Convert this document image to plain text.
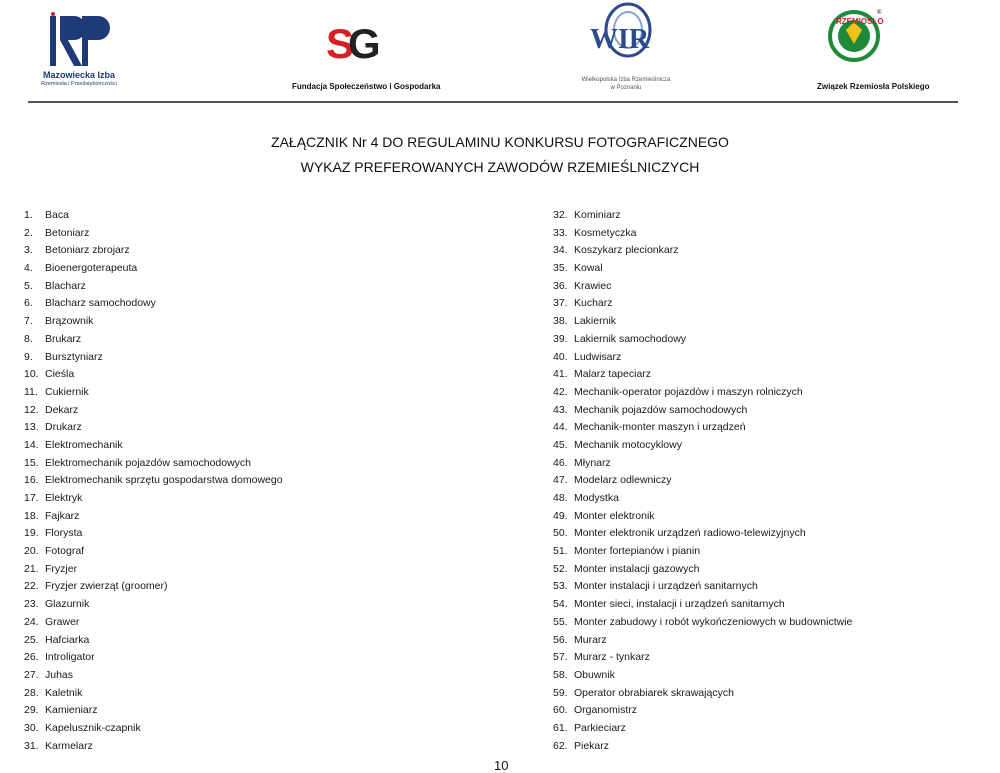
Mazowiecka Izba
Rzemiosła i Przedsiębiorczości
S
G
Fundacja Społeczeństwo i Gospodarka
WIR
Wielkopolska Izba Rzemieślnicza
w Poznaniu
RZEMIOSŁO
®
Związek Rzemiosła Polskiego
ZAŁĄCZNIK Nr 4 DO REGULAMINU KONKURSU FOTOGRAFICZNEGO
WYKAZ PREFEROWANYCH ZAWODÓW RZEMIEŚLNICZYCH
1. Baca
2. Betoniarz
3. Betoniarz zbrojarz
4. Bioenergoterapeuta
5. Blacharz
6. Blacharz samochodowy
7. Brązownik
8. Brukarz
9. Bursztyniarz
10. Cieśla
11. Cukiernik
12. Dekarz
13. Drukarz
14. Elektromechanik
15. Elektromechanik pojazdów samochodowych
16. Elektromechanik sprzętu gospodarstwa domowego
17. Elektryk
18. Fajkarz
19. Florysta
20. Fotograf
21. Fryzjer
22. Fryzjer zwierząt (groomer)
23. Glazurnik
24. Grawer
25. Hafciarka
26. Introligator
27. Juhas
28. Kaletnik
29. Kamieniarz
30. Kapelusznik-czapnik
31. Karmelarz
32. Kominiarz
33. Kosmetyczka
34. Koszykarz plecionkarz
35. Kowal
36. Krawiec
37. Kucharz
38. Lakiernik
39. Lakiernik samochodowy
40. Ludwisarz
41. Malarz tapeciarz
42. Mechanik-operator pojazdów i maszyn rolniczych
43. Mechanik pojazdów samochodowych
44. Mechanik-monter maszyn i urządzeń
45. Mechanik motocyklowy
46. Młynarz
47. Modelarz odlewniczy
48. Modystka
49. Monter elektronik
50. Monter elektronik urządzeń radiowo-telewizyjnych
51. Monter fortepianów i pianin
52. Monter instalacji gazowych
53. Monter instalacji i urządzeń sanitarnych
54. Monter sieci, instalacji i urządzeń sanitarnych
55. Monter zabudowy i robót wykończeniowych w budownictwie
56. Murarz
57. Murarz - tynkarz
58. Obuwnik
59. Operator obrabiarek skrawających
60. Organomistrz
61. Parkieciarz
62. Piekarz
10
